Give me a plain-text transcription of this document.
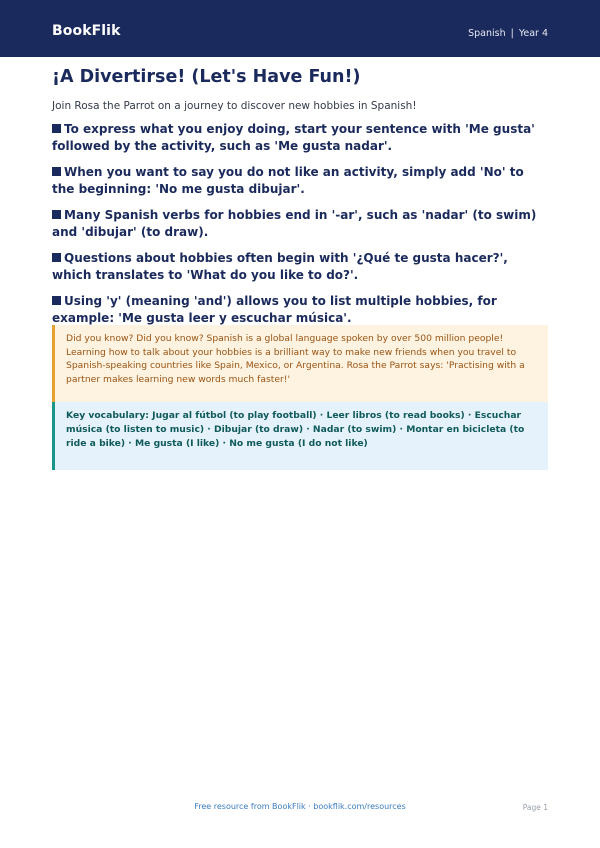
BookFlik	Spanish | Year 4
¡A Divertirse! (Let's Have Fun!)

Join Rosa the Parrot on a journey to discover new hobbies in Spanish!

To express what you enjoy doing, start your sentence with 'Me gusta' followed by the activity, such as 'Me gusta nadar'.

When you want to say you do not like an activity, simply add 'No' to the beginning: 'No me gusta dibujar'.

Many Spanish verbs for hobbies end in '-ar', such as 'nadar' (to swim) and 'dibujar' (to draw).

Questions about hobbies often begin with '¿Qué te gusta hacer?', which translates to 'What do you like to do?'.

Using 'y' (meaning 'and') allows you to list multiple hobbies, for example: 'Me gusta leer y escuchar música'.

Did you know? Did you know? Spanish is a global language spoken by over 500 million people! Learning how to talk about your hobbies is a brilliant way to make new friends when you travel to Spanish-speaking countries like Spain, Mexico, or Argentina. Rosa the Parrot says: 'Practising with a partner makes learning new words much faster!'
Key vocabulary: Jugar al fútbol (to play football) · Leer libros (to read books) · Escuchar música (to listen to music) · Dibujar (to draw) · Nadar (to swim) · Montar en bicicleta (to ride a bike) · Me gusta (I like) · No me gusta (I do not like)
Free resource from BookFlik · bookflik.com/resources	Page 1
